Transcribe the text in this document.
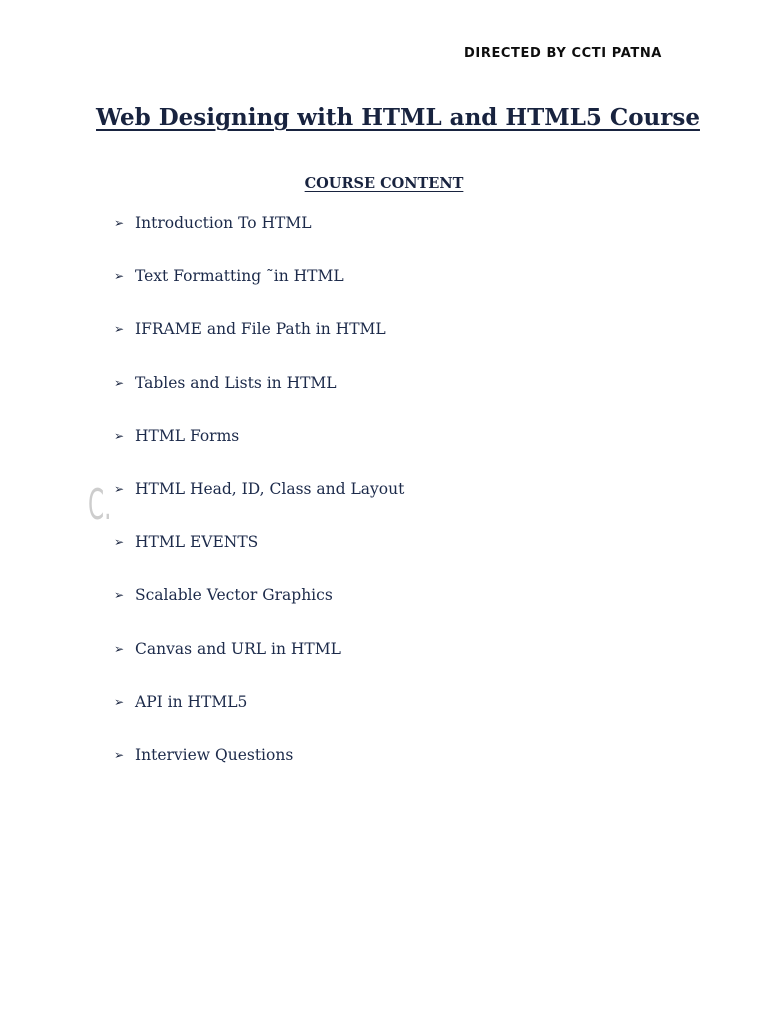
DIRECTED BY CCTI PATNA
Web Designing with HTML and HTML5 Course
COURSE CONTENT
C.
➢ Introduction To HTML
➢ Text Formatting ˜in HTML
➢ IFRAME and File Path in HTML
➢ Tables and Lists in HTML
➢ HTML Forms
➢ HTML Head, ID, Class and Layout
➢ HTML EVENTS
➢ Scalable Vector Graphics
➢ Canvas and URL in HTML
➢ API in HTML5
➢ Interview Questions
